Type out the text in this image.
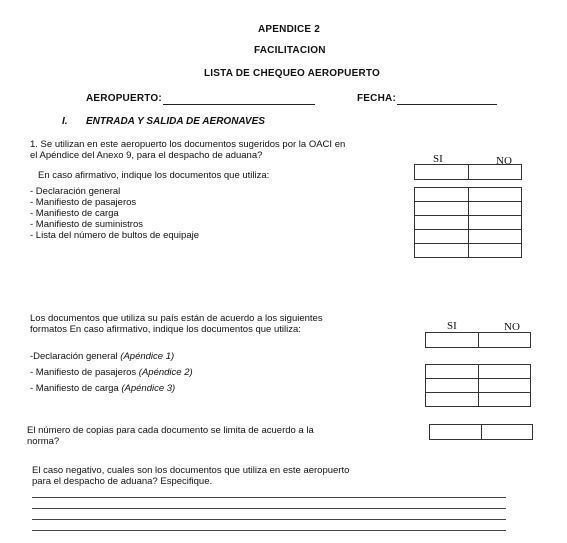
APENDICE 2
FACILITACION
LISTA DE CHEQUEO AEROPUERTO
AEROPUERTO:	FECHA:
I. ENTRADA Y SALIDA DE AERONAVES
1. Se utilizan en este aeropuerto los documentos sugeridos por la OACI en
el Apéndice del Anexo 9, para el despacho de aduana?
En caso afirmativo, indique los documentos que utiliza:
SI	NO

- Declaración general
- Manifiesto de pasajeros
- Manifiesto de carga
- Manifiesto de suministros
- Lista del número de bultos de equipaje

Los documentos que utiliza su país están de acuerdo a los siguientes
formatos En caso afirmativo, indique los documentos que utiliza:	SI	NO

-Declaración general (Apéndice 1)
- Manifiesto de pasajeros (Apéndice 2)
- Manifiesto de carga (Apéndice 3)

El número de copias para cada documento se limita de acuerdo a la
norma?

El caso negativo, cuales son los documentos que utiliza en este aeropuerto
para el despacho de aduana? Especifique.
